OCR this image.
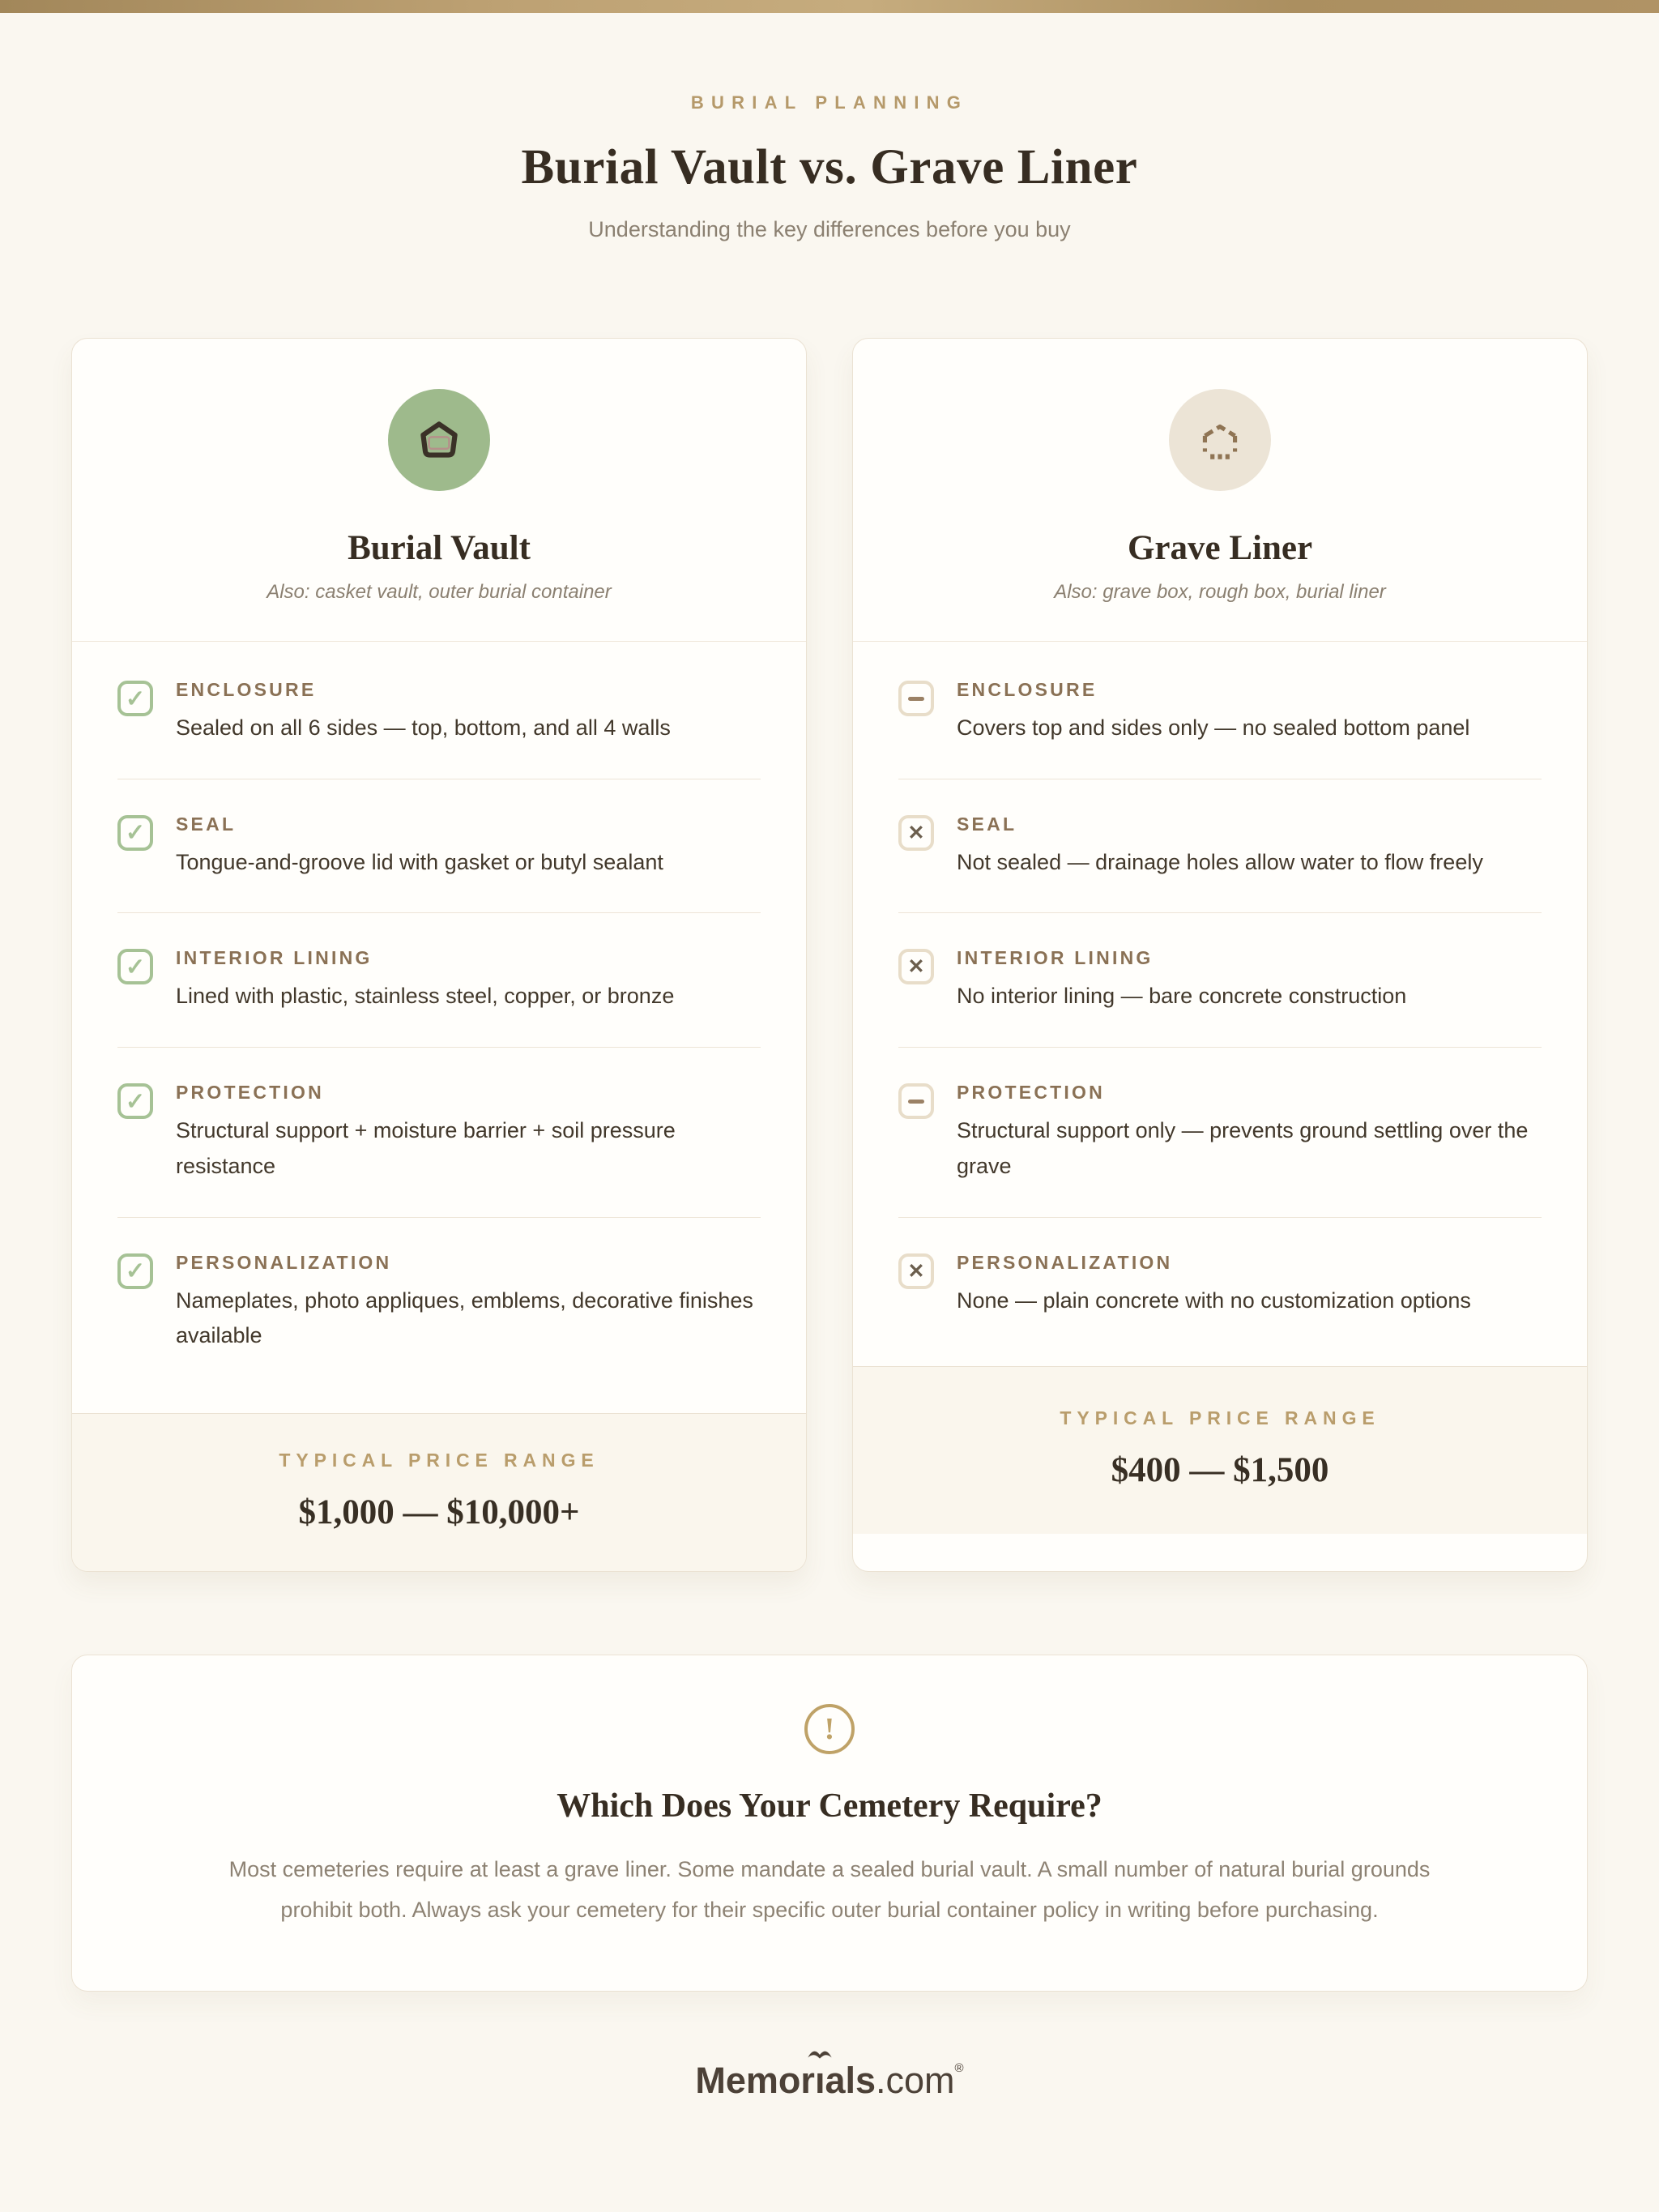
BURIAL PLANNING
Burial Vault vs. Grave Liner

Understanding the key differences before you buy

Burial Vault

Also: casket vault, outer burial container

✓
ENCLOSURE
Sealed on all 6 sides — top, bottom, and all 4 walls
✓
SEAL
Tongue-and-groove lid with gasket or butyl sealant
✓
INTERIOR LINING
Lined with plastic, stainless steel, copper, or bronze
✓
PROTECTION
Structural support + moisture barrier + soil pressure resistance
✓
PERSONALIZATION
Nameplates, photo appliques, emblems, decorative finishes available
TYPICAL PRICE RANGE
$1,000 — $10,000+
Grave Liner

Also: grave box, rough box, burial liner

ENCLOSURE
Covers top and sides only — no sealed bottom panel
✕
SEAL
Not sealed — drainage holes allow water to flow freely
✕
INTERIOR LINING
No interior lining — bare concrete construction
PROTECTION
Structural support only — prevents ground settling over the grave
✕
PERSONALIZATION
None — plain concrete with no customization options
TYPICAL PRICE RANGE
$400 — $1,500
!
Which Does Your Cemetery Require?

Most cemeteries require at least a grave liner. Some mandate a sealed burial vault. A small number of natural burial grounds prohibit both. Always ask your cemetery for their specific outer burial container policy in writing before purchasing.

Memor
ıals.com®
